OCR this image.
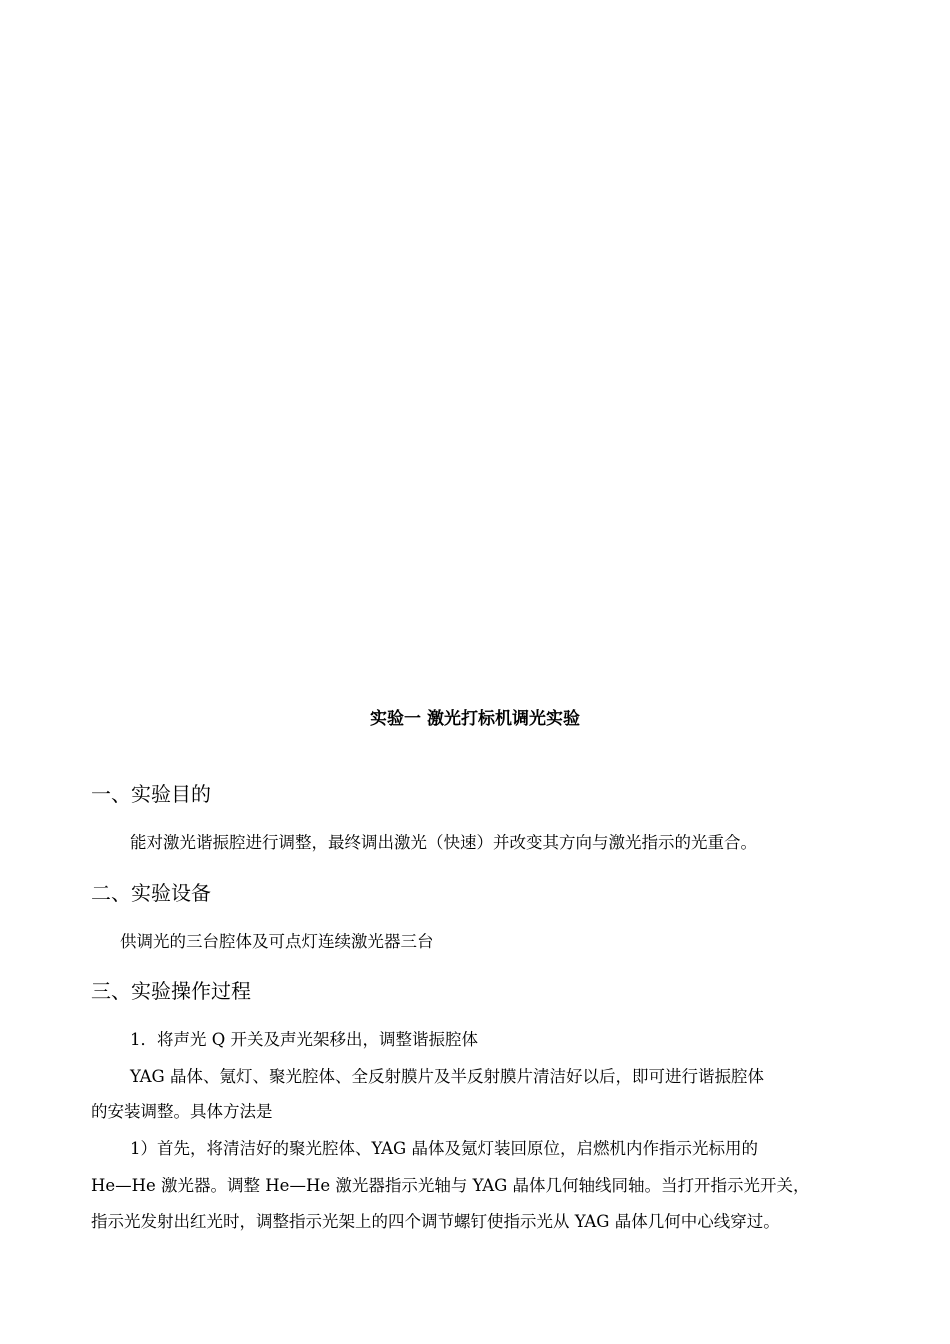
实验一 激光打标机调光实验
一、实验目的
能对激光谐振腔进行调整，最终调出激光（快速）并改变其方向与激光指示的光重合。
二、实验设备
供调光的三台腔体及可点灯连续激光器三台
三、实验操作过程
1．将声光 Q 开关及声光架移出，调整谐振腔体
YAG 晶体、氪灯、聚光腔体、全反射膜片及半反射膜片清洁好以后，即可进行谐振腔体
的安装调整。具体方法是
1）首先，将清洁好的聚光腔体、YAG 晶体及氪灯装回原位，启燃机内作指示光标用的
He—He 激光器。调整 He—He 激光器指示光轴与 YAG 晶体几何轴线同轴。当打开指示光开关，
指示光发射出红光时，调整指示光架上的四个调节螺钉使指示光从 YAG 晶体几何中心线穿过。
